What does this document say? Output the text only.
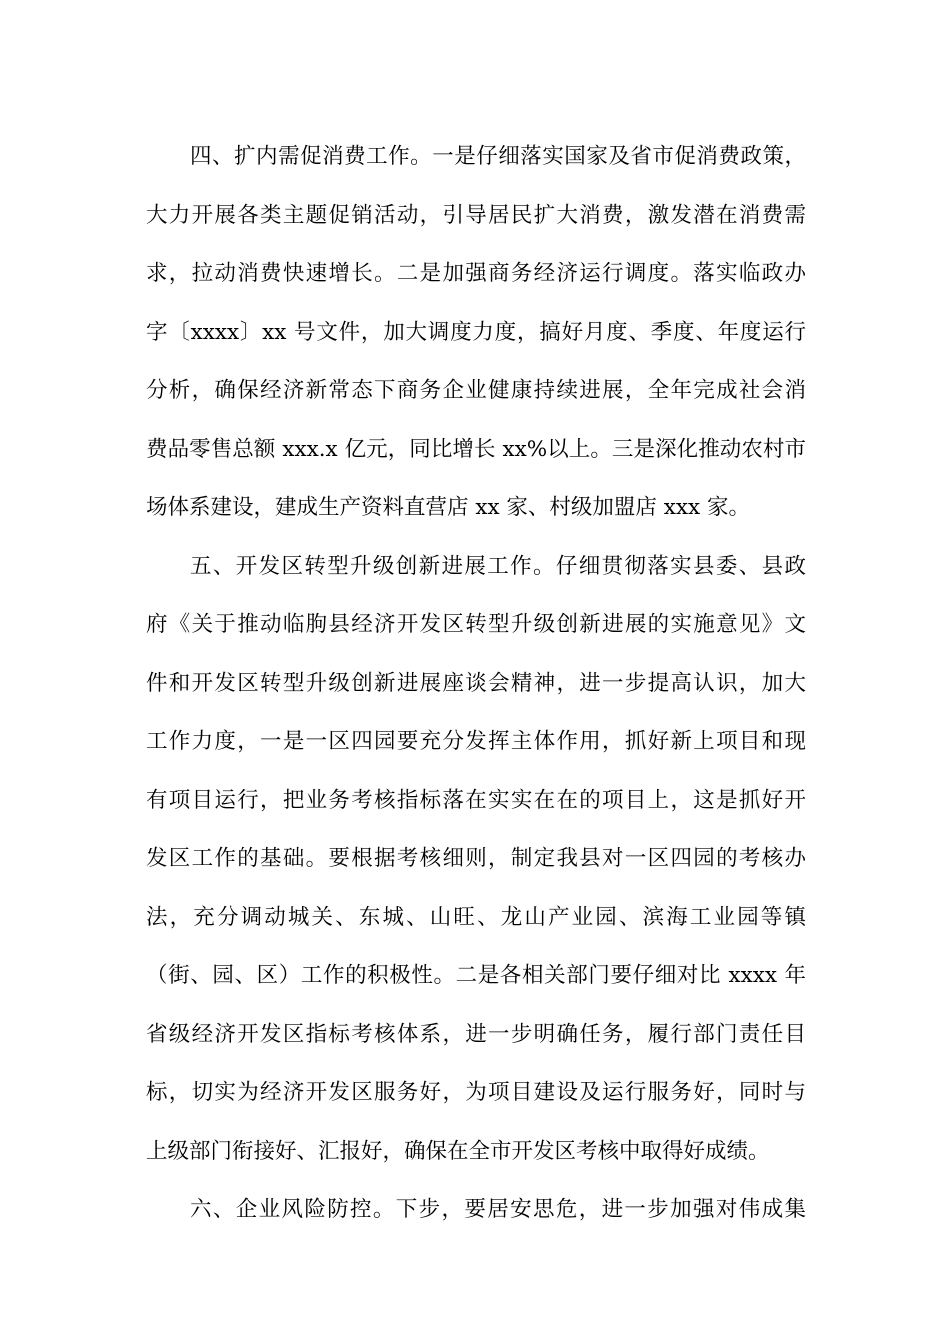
四、扩内需促消费工作。一是仔细落实国家及省市促消费政策，
大力开展各类主题促销活动，引导居民扩大消费，激发潜在消费需
求，拉动消费快速增长。二是加强商务经济运行调度。落实临政办
字〔xxxx〕xx 号文件，加大调度力度，搞好月度、季度、年度运行
分析，确保经济新常态下商务企业健康持续进展，全年完成社会消
费品零售总额 xxx.x 亿元，同比增长 xx%以上。三是深化推动农村市
场体系建设，建成生产资料直营店 xx 家、村级加盟店 xxx 家。
五、开发区转型升级创新进展工作。仔细贯彻落实县委、县政
府《关于推动临朐县经济开发区转型升级创新进展的实施意见》文
件和开发区转型升级创新进展座谈会精神，进一步提高认识，加大
工作力度，一是一区四园要充分发挥主体作用，抓好新上项目和现
有项目运行，把业务考核指标落在实实在在的项目上，这是抓好开
发区工作的基础。要根据考核细则，制定我县对一区四园的考核办
法，充分调动城关、东城、山旺、龙山产业园、滨海工业园等镇
（街、园、区）工作的积极性。二是各相关部门要仔细对比 xxxx 年
省级经济开发区指标考核体系，进一步明确任务，履行部门责任目
标，切实为经济开发区服务好，为项目建设及运行服务好，同时与
上级部门衔接好、汇报好，确保在全市开发区考核中取得好成绩。
六、企业风险防控。下步，要居安思危，进一步加强对伟成集
